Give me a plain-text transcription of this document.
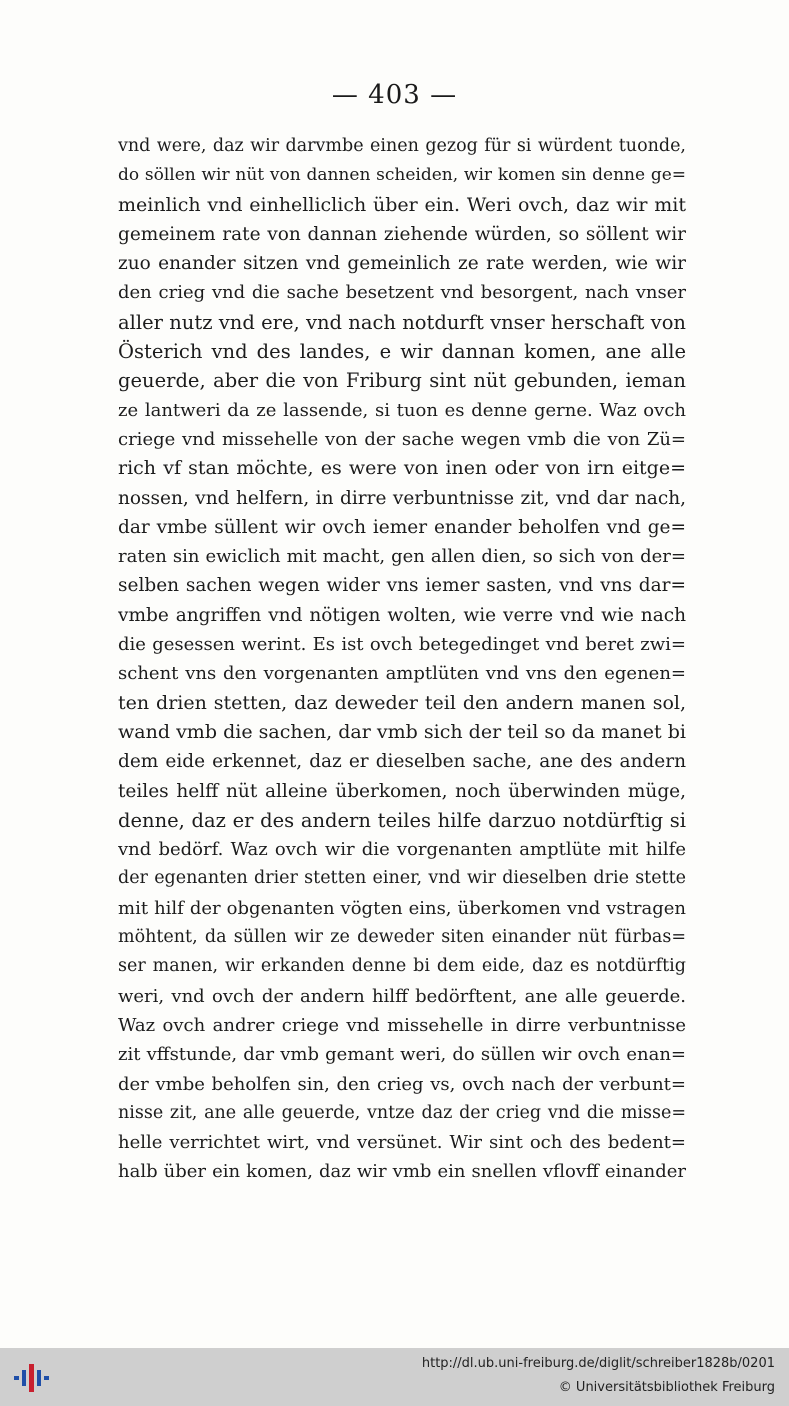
— 403 —
vnd were, daz wir darvmbe einen gezog für si würdent tuonde,
do söllen wir nüt von dannen scheiden, wir komen sin denne ge=
meinlich vnd einhelliclich über ein. Weri ovch, daz wir mit
gemeinem rate von dannan ziehende würden, so söllent wir
zuo enander sitzen vnd gemeinlich ze rate werden, wie wir
den crieg vnd die sache besetzent vnd besorgent, nach vnser
aller nutz vnd ere, vnd nach notdurft vnser herschaft von
Österich vnd des landes, e wir dannan komen, ane alle
geuerde, aber die von Friburg sint nüt gebunden, ieman
ze lantweri da ze lassende, si tuon es denne gerne. Waz ovch
criege vnd missehelle von der sache wegen vmb die von Zü=
rich vf stan möchte, es were von inen oder von irn eitge=
nossen, vnd helfern, in dirre verbuntnisse zit, vnd dar nach,
dar vmbe süllent wir ovch iemer enander beholfen vnd ge=
raten sin ewiclich mit macht, gen allen dien, so sich von der=
selben sachen wegen wider vns iemer sasten, vnd vns dar=
vmbe angriffen vnd nötigen wolten, wie verre vnd wie nach
die gesessen werint. Es ist ovch betegedinget vnd beret zwi=
schent vns den vorgenanten amptlüten vnd vns den egenen=
ten drien stetten, daz deweder teil den andern manen sol,
wand vmb die sachen, dar vmb sich der teil so da manet bi
dem eide erkennet, daz er dieselben sache, ane des andern
teiles helff nüt alleine überkomen, noch überwinden müge,
denne, daz er des andern teiles hilfe darzuo notdürftig si
vnd bedörf. Waz ovch wir die vorgenanten amptlüte mit hilfe
der egenanten drier stetten einer, vnd wir dieselben drie stette
mit hilf der obgenanten vögten eins, überkomen vnd vstragen
möhtent, da süllen wir ze deweder siten einander nüt fürbas=
ser manen, wir erkanden denne bi dem eide, daz es notdürftig
weri, vnd ovch der andern hilff bedörftent, ane alle geuerde.
Waz ovch andrer criege vnd missehelle in dirre verbuntnisse
zit vffstunde, dar vmb gemant weri, do süllen wir ovch enan=
der vmbe beholfen sin, den crieg vs, ovch nach der verbunt=
nisse zit, ane alle geuerde, vntze daz der crieg vnd die misse=
helle verrichtet wirt, vnd versünet. Wir sint och des bedent=
halb über ein komen, daz wir vmb ein snellen vflovff einander
http://dl.ub.uni-freiburg.de/diglit/schreiber1828b/0201
© Universitätsbibliothek Freiburg
